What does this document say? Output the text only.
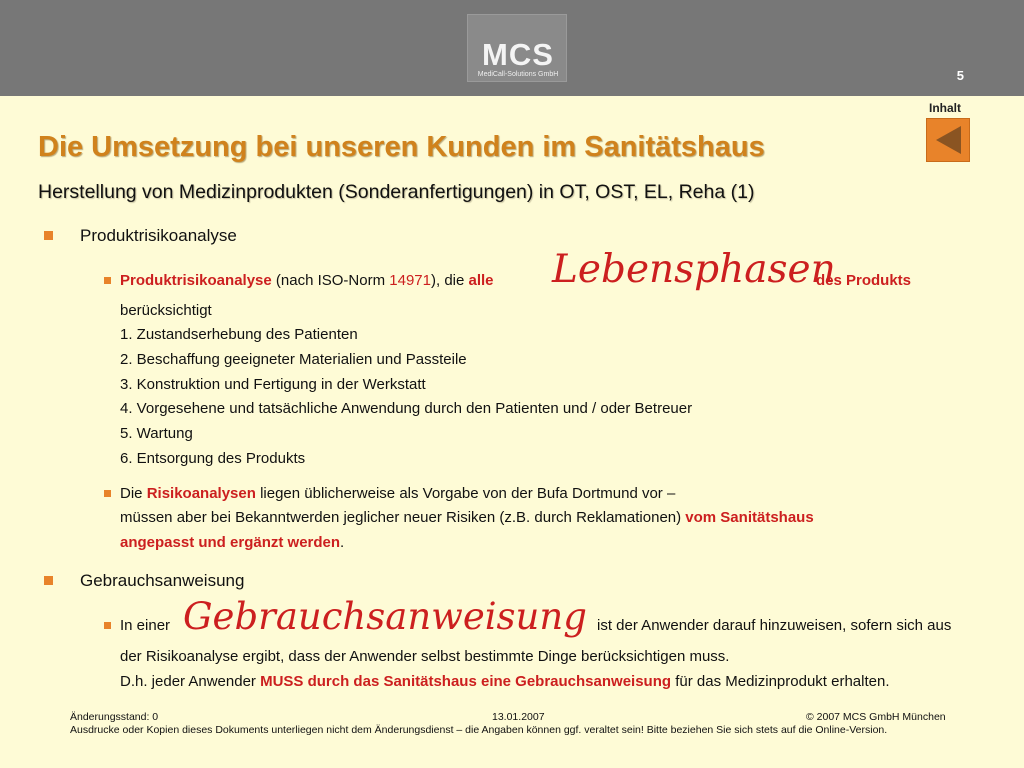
MCS
MediCall-Solutions GmbH	5
Inhalt
Die Umsetzung bei unseren Kunden im Sanitätshaus
Herstellung von Medizinprodukten (Sonderanfertigungen) in OT, OST, EL, Reha (1)
Produktrisikoanalyse
Produktrisikoanalyse (nach ISO-Norm 14971), die alle Lebensphasen
des Produkts
berücksichtigt
1. Zustandserhebung des Patienten
2. Beschaffung geeigneter Materialien und Passteile
3. Konstruktion und Fertigung in der Werkstatt
4. Vorgesehene und tatsächliche Anwendung durch den Patienten und / oder Betreuer
5. Wartung
6. Entsorgung des Produkts
Die Risikoanalysen liegen üblicherweise als Vorgabe von der Bufa Dortmund vor –
müssen aber bei Bekanntwerden jeglicher neuer Risiken (z.B. durch Reklamationen) vom Sanitätshaus
angepasst und ergänzt werden.
Gebrauchsanweisung
In einer Gebrauchsanweisung ist der Anwender darauf hinzuweisen, sofern sich aus
der Risikoanalyse ergibt, dass der Anwender selbst bestimmte Dinge berücksichtigen muss.
D.h. jeder Anwender MUSS durch das Sanitätshaus eine Gebrauchsanweisung für das Medizinprodukt erhalten.
Änderungsstand: 0	13.01.2007	© 2007 MCS GmbH München
Ausdrucke oder Kopien dieses Dokuments unterliegen nicht dem Änderungsdienst – die Angaben können ggf. veraltet sein! Bitte beziehen Sie sich stets auf die Online-Version.
